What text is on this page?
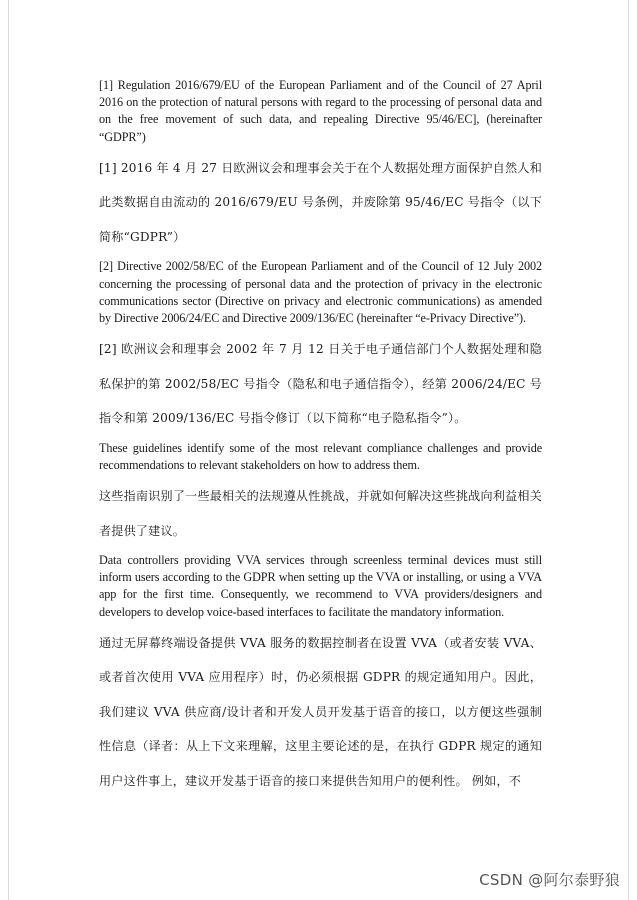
[1] Regulation 2016/679/EU of the European Parliament and of the Council of 27 April 2016 on the protection of natural persons with regard to the processing of personal data and on the free movement of such data, and repealing Directive 95/46/EC], (hereinafter “GDPR”)

[1] 2016 年 4 月 27 日欧洲议会和理事会关于在个人数据处理方面保护自然人和此类数据自由流动的 2016/679/EU 号条例，并废除第 95/46/EC 号指令（以下简称“GDPR”）

[2] Directive 2002/58/EC of the European Parliament and of the Council of 12 July 2002 concerning the processing of personal data and the protection of privacy in the electronic communications sector (Directive on privacy and electronic communications) as amended by Directive 2006/24/EC and Directive 2009/136/EC (hereinafter “e-Privacy Directive”).

[2] 欧洲议会和理事会 2002 年 7 月 12 日关于电子通信部门个人数据处理和隐私保护的第 2002/58/EC 号指令（隐私和电子通信指令），经第 2006/24/EC 号指令和第 2009/136/EC 号指令修订（以下简称“电子隐私指令”）。

These guidelines identify some of the most relevant compliance challenges and provide recommendations to relevant stakeholders on how to address them.

这些指南识别了一些最相关的法规遵从性挑战，并就如何解决这些挑战向利益相关者提供了建议。

Data controllers providing VVA services through screenless terminal devices must still inform users according to the GDPR when setting up the VVA or installing, or using a VVA app for the first time. Consequently, we recommend to VVA providers/designers and developers to develop voice-based interfaces to facilitate the mandatory information.

通过无屏幕终端设备提供 VVA 服务的数据控制者在设置 VVA（或者安装 VVA、或者首次使用 VVA 应用程序）时，仍必须根据 GDPR 的规定通知用户。因此，我们建议 VVA 供应商/设计者和开发人员开发基于语音的接口，以方便这些强制性信息（译者：从上下文来理解，这里主要论述的是，在执行 GDPR 规定的通知用户这件事上，建议开发基于语音的接口来提供告知用户的便利性。 例如，不

CSDN @阿尔泰野狼
